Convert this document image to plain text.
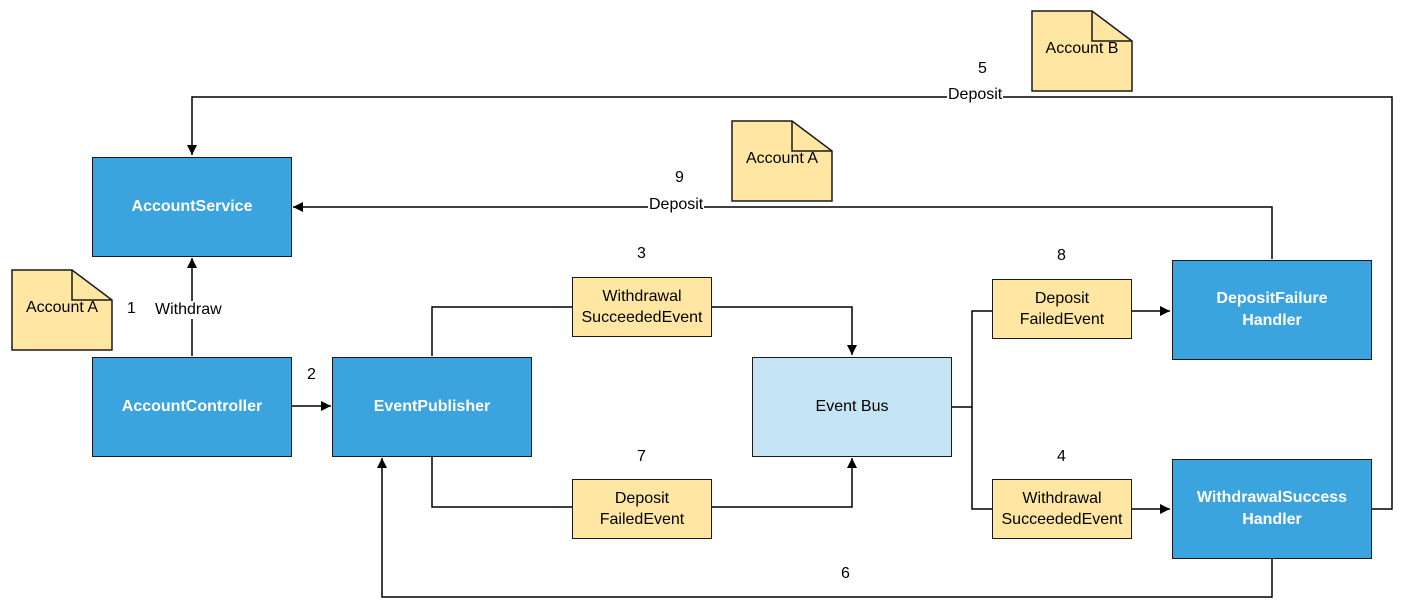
AccountService
AccountController	EventPublisher	Event Bus
DepositFailure
Handler
WithdrawalSuccess
Handler
Withdrawal
SucceededEvent
Deposit
FailedEvent
Deposit
FailedEvent
Withdrawal
SucceededEvent
Account A
Account A
Account B
1 Withdraw
2
3
7
8
4
9
Deposit
5
Deposit
6
